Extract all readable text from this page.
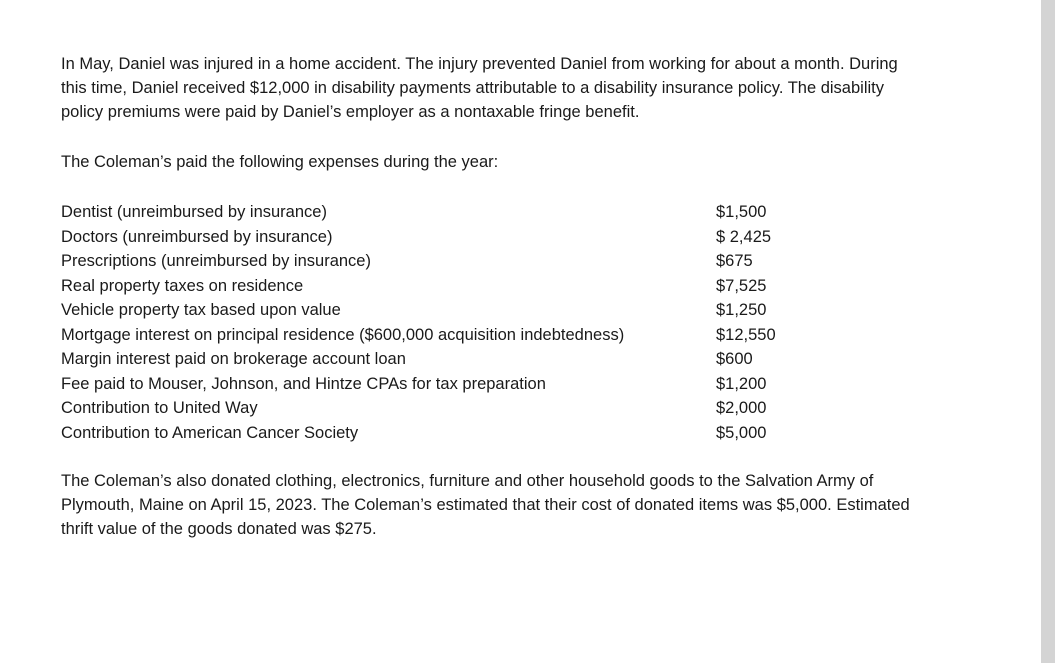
In May, Daniel was injured in a home accident. The injury prevented Daniel from working for about a month. During this time, Daniel received $12,000 in disability payments attributable to a disability insurance policy. The disability policy premiums were paid by Daniel’s employer as a nontaxable fringe benefit.

The Coleman’s paid the following expenses during the year:

Dentist (unreimbursed by insurance)	$1,500
Doctors (unreimbursed by insurance)	$ 2,425
Prescriptions (unreimbursed by insurance)	$675
Real property taxes on residence	$7,525
Vehicle property tax based upon value	$1,250
Mortgage interest on principal residence ($600,000 acquisition indebtedness)	$12,550
Margin interest paid on brokerage account loan	$600
Fee paid to Mouser, Johnson, and Hintze CPAs for tax preparation	$1,200
Contribution to United Way	$2,000
Contribution to American Cancer Society	$5,000

The Coleman’s also donated clothing, electronics, furniture and other household goods to the Salvation Army of Plymouth, Maine on April 15, 2023. The Coleman’s estimated that their cost of donated items was $5,000. Estimated thrift value of the goods donated was $275.
